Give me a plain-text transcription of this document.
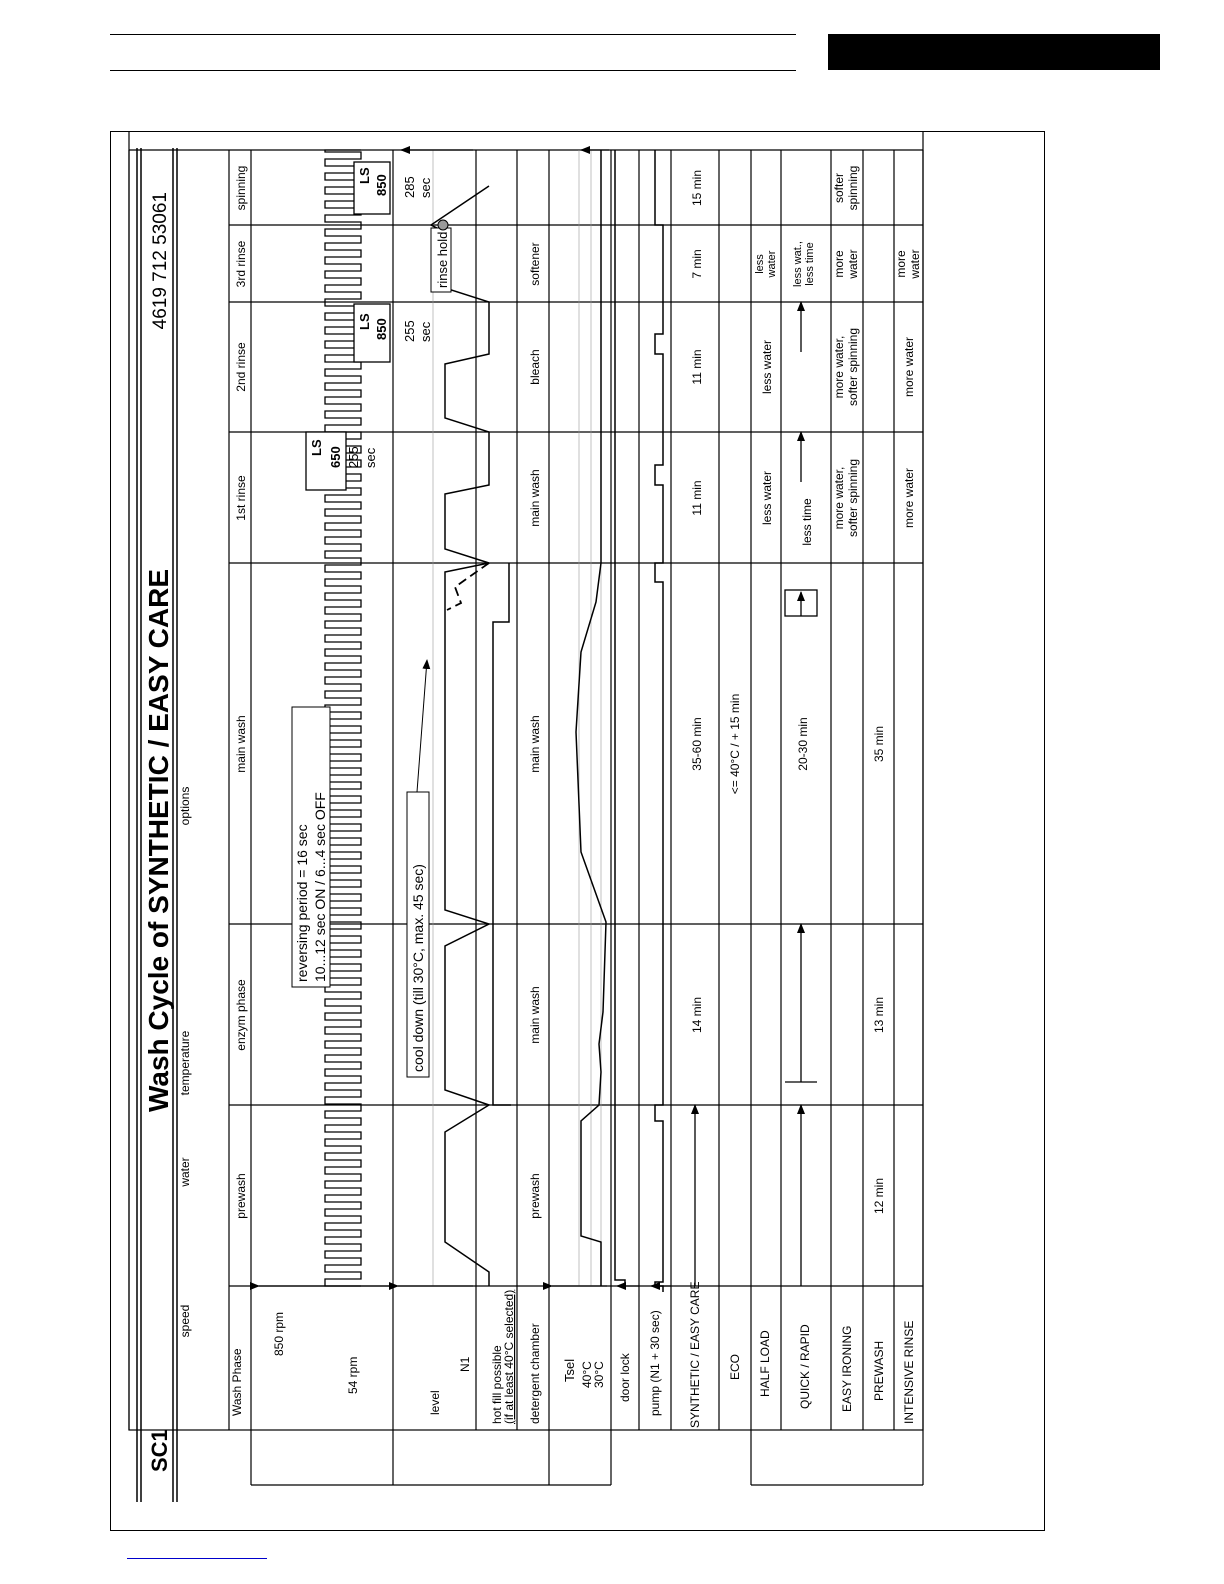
SC1
Wash Cycle of SYNTHETIC / EASY CARE
4619 712 53061
speed
water
temperature
options
Wash Phase
850 rpm
54 rpm
level
N1 hot fill possible
(if at least 40°C selected) detergent chamber Tsel 40°C
30°C door lock pump (N1 + 30 sec) SYNTHETIC / EASY CARE ECO HALF LOAD QUICK / RAPID EASY IRONING PREWASH INTENSIVE RINSE
prewash
enzym phase
main wash
1st rinse
2nd rinse
3rd rinse
spinning
reversing period = 16 sec 10...12 sec ON / 6...4 sec OFF
LS 650 255 sec
LS 850 255 sec
LS 850 285 sec
rinse hold
cool down (till 30°C, max. 45 sec)
prewash
main wash
main wash
main wash
bleach
softener
14 min
35-60 min
11 min
11 min
7 min
15 min
<= 40°C / + 15 min
less water
less water
less water
20-30 min
less time
less wat., less time
more water, softer spinning
more water, softer spinning
more water
softer spinning
12 min
13 min
35 min
more water
more water
more water
